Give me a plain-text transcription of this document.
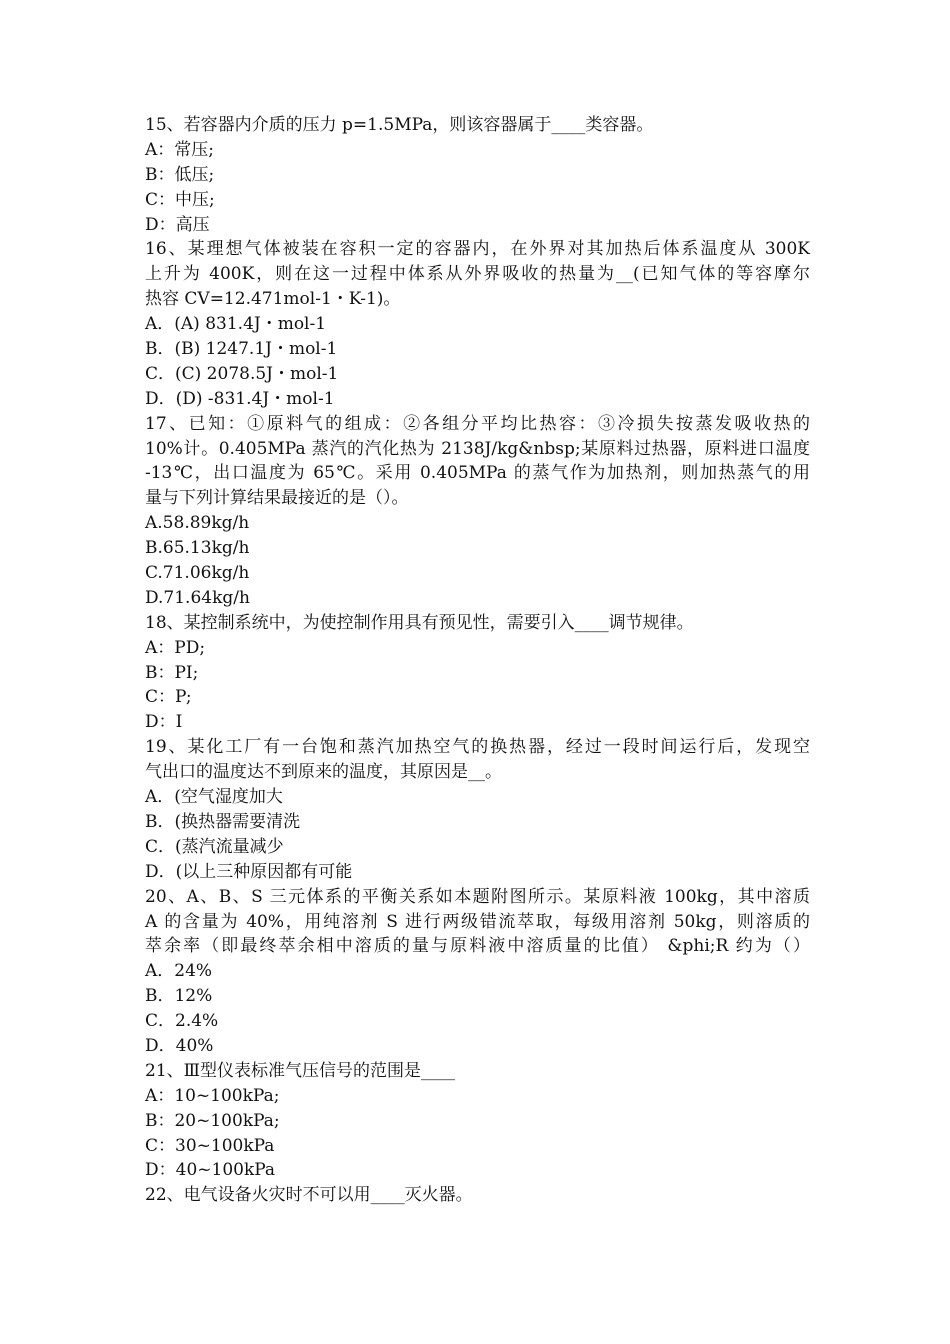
15、若容器内介质的压力 p=1.5MPa，则该容器属于____类容器。
A：常压;
B：低压;
C：中压;
D：高压
16、某理想气体被装在容积一定的容器内，在外界对其加热后体系温度从 300K
上升为 400K，则在这一过程中体系从外界吸收的热量为__(已知气体的等容摩尔
热容 CV=12.471mol-1・K-1)。
A．(A) 831.4J・mol-1
B．(B) 1247.1J・mol-1
C．(C) 2078.5J・mol-1
D．(D) -831.4J・mol-1
17、已知：①原料气的组成：②各组分平均比热容：③冷损失按蒸发吸收热的
10%计。0.405MPa 蒸汽的汽化热为 2138J/kg&nbsp;某原料过热器，原料进口温度
-13℃，出口温度为 65℃。采用 0.405MPa 的蒸气作为加热剂，则加热蒸气的用
量与下列计算结果最接近的是（）。
A.58.89kg/h
B.65.13kg/h
C.71.06kg/h
D.71.64kg/h
18、某控制系统中，为使控制作用具有预见性，需要引入____调节规律。
A：PD;
B：PI;
C：P;
D：I
19、某化工厂有一台饱和蒸汽加热空气的换热器，经过一段时间运行后，发现空
气出口的温度达不到原来的温度，其原因是__。
A．(空气湿度加大
B．(换热器需要清洗
C．(蒸汽流量减少
D．(以上三种原因都有可能
20、A、B、S 三元体系的平衡关系如本题附图所示。某原料液 100kg，其中溶质
A 的含量为 40%，用纯溶剂 S 进行两级错流萃取，每级用溶剂 50kg，则溶质的
萃余率（即最终萃余相中溶质的量与原料液中溶质量的比值） &phi;R 约为（）
A．24%
B．12%
C．2.4%
D．40%
21、Ⅲ型仪表标准气压信号的范围是____
A：10~100kPa;
B：20~100kPa;
C：30~100kPa
D：40~100kPa
22、电气设备火灾时不可以用____灭火器。
